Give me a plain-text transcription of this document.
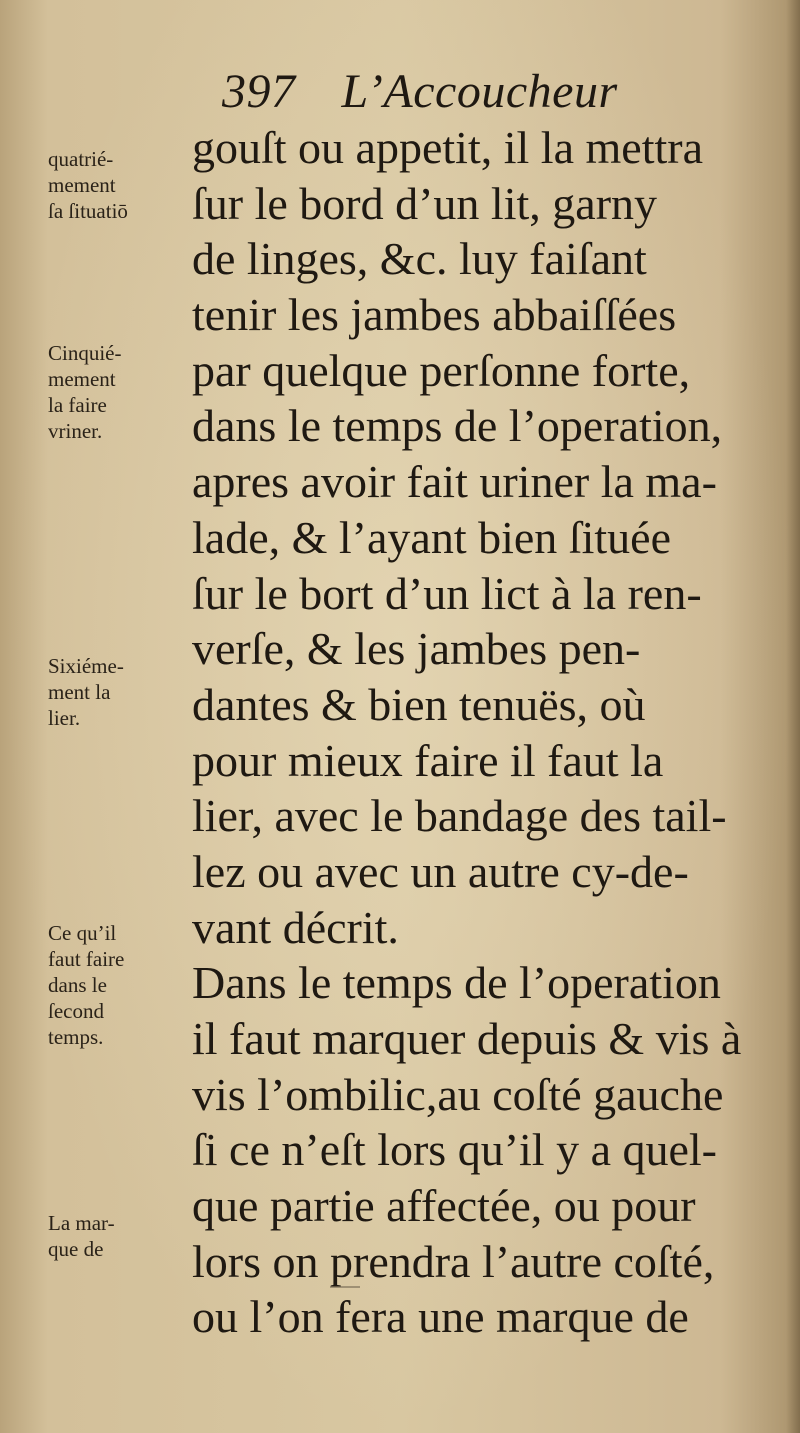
397 L’Accoucheur
gouſt ou appetit, il la mettra
ſur le bord d’un lit, garny
de linges, &c. luy faiſant
tenir les jambes abbaiſſées
par quelque perſonne forte,
dans le temps de l’operation,
apres avoir fait uriner la ma-
lade, & l’ayant bien ſituée
ſur le bort d’un lict à la ren-
verſe, & les jambes pen-
dantes & bien tenuës, où
pour mieux faire il faut la
lier, avec le bandage des tail-
lez ou avec un autre cy-de-
vant décrit.
Dans le temps de l’operation
il faut marquer depuis & vis à
vis l’ombilic,au coſté gauche
ſi ce n’eſt lors qu’il y a quel-
que partie affectée, ou pour
lors on prendra l’autre coſté,
ou l’on fera une marque de
quatrié-
mement
ſa ſituatiō
Cinquié-
mement
la faire
vriner.
Sixiéme-
ment la
lier.
Ce qu’il
faut faire
dans le
ſecond
temps.
La mar-
que de
